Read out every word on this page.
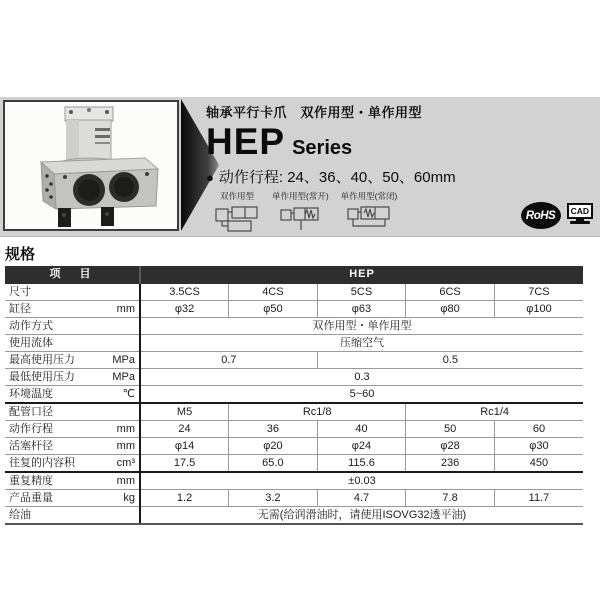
轴承平行卡爪　双作用型・单作用型
HEP Series
● 动作行程: 24、36、40、50、60mm
双作用型 单作用型(常开) 单作用型(常闭)
RoHS	CAD
规格
项　目	HEP				

尺寸	3.5CS	4CS	5CS	6CS	7CS

缸径 mm	φ32	φ50	φ63	φ80	φ100

动作方式	双作用型・单作用型				

使用流体	压缩空气				

最高使用压力 MPa	0.7		0.5		

最低使用压力 MPa	0.3				

环境温度 ℃	5~60				

配管口径	M5	Rc1/8		Rc1/4	

动作行程 mm	24	36	40	50	60

活塞杆径 mm	φ14	φ20	φ24	φ28	φ30

往复的内容积 cm³	17.5	65.0	115.6	236	450

重复精度 mm	±0.03				

产品重量 kg	1.2	3.2	4.7	7.8	11.7

给油	无需(给润滑油时，请使用ISOVG32透平油)				
